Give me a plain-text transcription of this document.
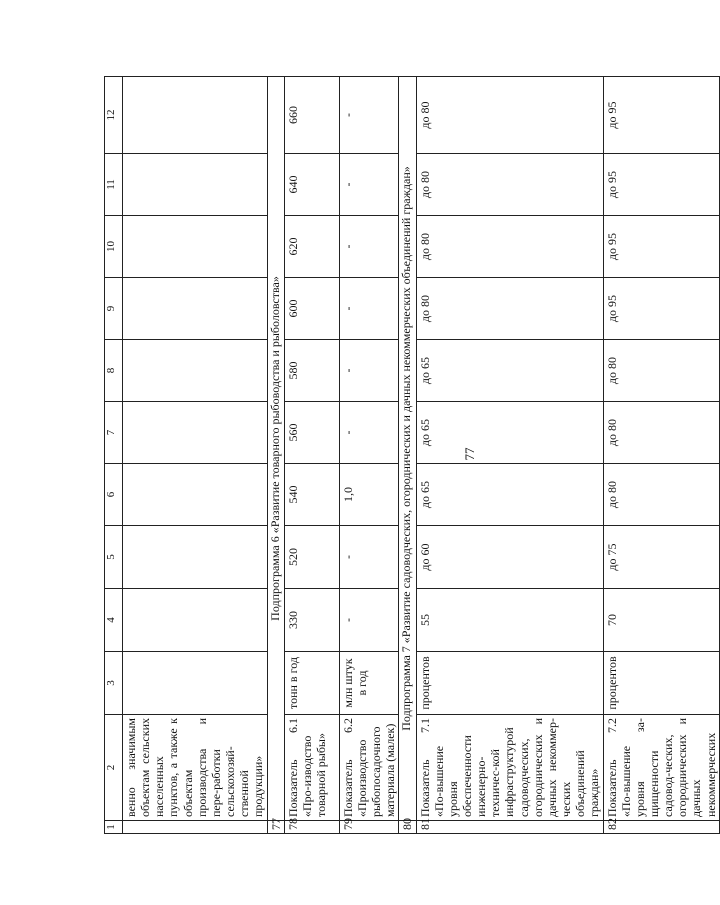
77
1	2	3	4	5	6	7	8	9	10	11	12
	венно значимым объектам сельских населенных пунктов, а также к объектам производства и пере-работки сельскохозяй-ственной продукции»										
77	Подпрограмма 6 «Развитие товарного рыбоводства и рыболовства»										
78	Показатель 6.1 «Про-изводство товарной рыбы»	тонн в год	330	520	540	560	580	600	620	640	660
79	Показатель 6.2 «Производство рыбопосадочного материала (малек)	млн штук в год	-	-	1,0	-	-	-	-	-	-
80	Подпрограмма 7 «Развитие садоводческих, огороднических и дачных некоммерческих объединений граждан»										
81	Показатель 7.1 «По-вышение уровня обеспеченности инженерно-техничес-кой инфраструктурой садоводческих, огороднических и дачных некоммер-ческих объединений граждан»	процентов	55	до 60	до 65	до 65	до 65	до 80	до 80	до 80	до 80
82	Показатель 7.2 «По-вышение уровня за-щищенности садовод-ческих, огороднических и дачных некоммерческих	процентов	70	до 75	до 80	до 80	до 80	до 95	до 95	до 95	до 95
